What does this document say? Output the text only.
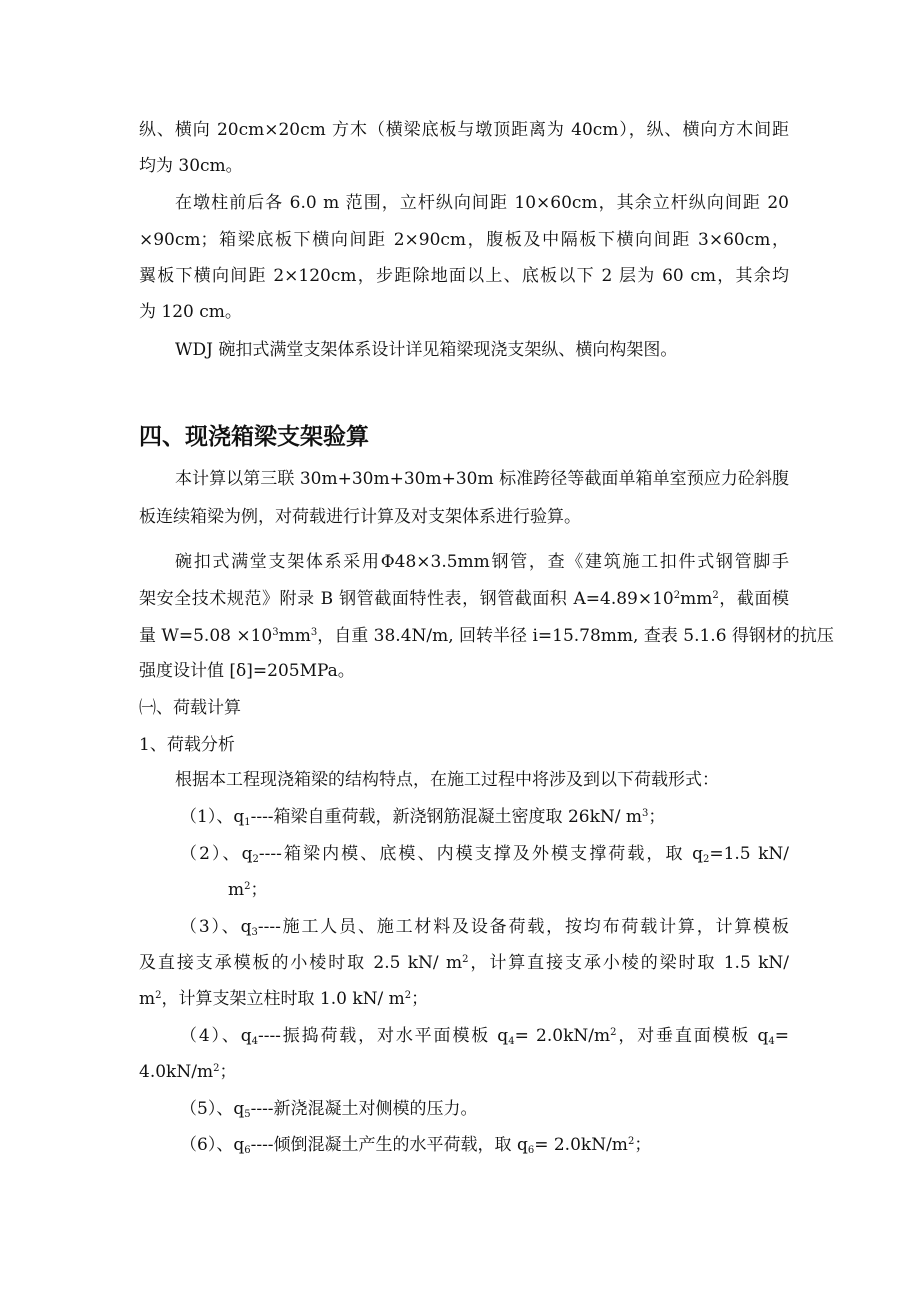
纵、横向 20cm×20cm 方木（横梁底板与墩顶距离为 40cm），纵、横向方木间距

均为 30cm。

在墩柱前后各 6.0 m 范围，立杆纵向间距 10×60cm，其余立杆纵向间距 20

×90cm；箱梁底板下横向间距 2×90cm，腹板及中隔板下横向间距 3×60cm，

翼板下横向间距 2×120cm，步距除地面以上、底板以下 2 层为 60 cm，其余均

为 120 cm。

WDJ 碗扣式满堂支架体系设计详见箱梁现浇支架纵、横向构架图。

四、现浇箱梁支架验算

本计算以第三联 30m+30m+30m+30m 标准跨径等截面单箱单室预应力砼斜腹

板连续箱梁为例，对荷载进行计算及对支架体系进行验算。

碗扣式满堂支架体系采用Φ48×3.5mm钢管，查《建筑施工扣件式钢管脚手

架安全技术规范》附录 B 钢管截面特性表，钢管截面积 $A=4.89\times 10^2mm^2$，截面模

量 $W=5.08 \times 10^3mm^3$，自重 38.4N/m, 回转半径 i=15.78mm, 查表 5.1.6 得钢材的抗压

强度设计值 [δ]=205MPa。

㈠、荷载计算

1、荷载分析

根据本工程现浇箱梁的结构特点，在施工过程中将涉及到以下荷载形式：

（1）、$q_1----$箱梁自重荷载，新浇钢筋混凝土密度取 26kN/ $m^3$；

（2）、$q_2----$箱梁内模、底模、内模支撑及外模支撑荷载，取 $q_2=1.5$ kN/

$m^2$；

（3）、$q_3----$施工人员、施工材料及设备荷载，按均布荷载计算，计算模板

及直接支承模板的小棱时取 2.5 kN/ $m^2$，计算直接支承小棱的梁时取 1.5 kN/

$m^2$，计算支架立柱时取 1.0 kN/ $m^2$；

（4）、$q_4----$振捣荷载，对水平面模板 $q_4= 2.0kN/m^2$，对垂直面模板 $q_4=$

$4.0kN/m^2$；

（5）、$q_5----$新浇混凝土对侧模的压力。

（6）、$q_6----$倾倒混凝土产生的水平荷载，取 $q_6= 2.0kN/m^2$；
